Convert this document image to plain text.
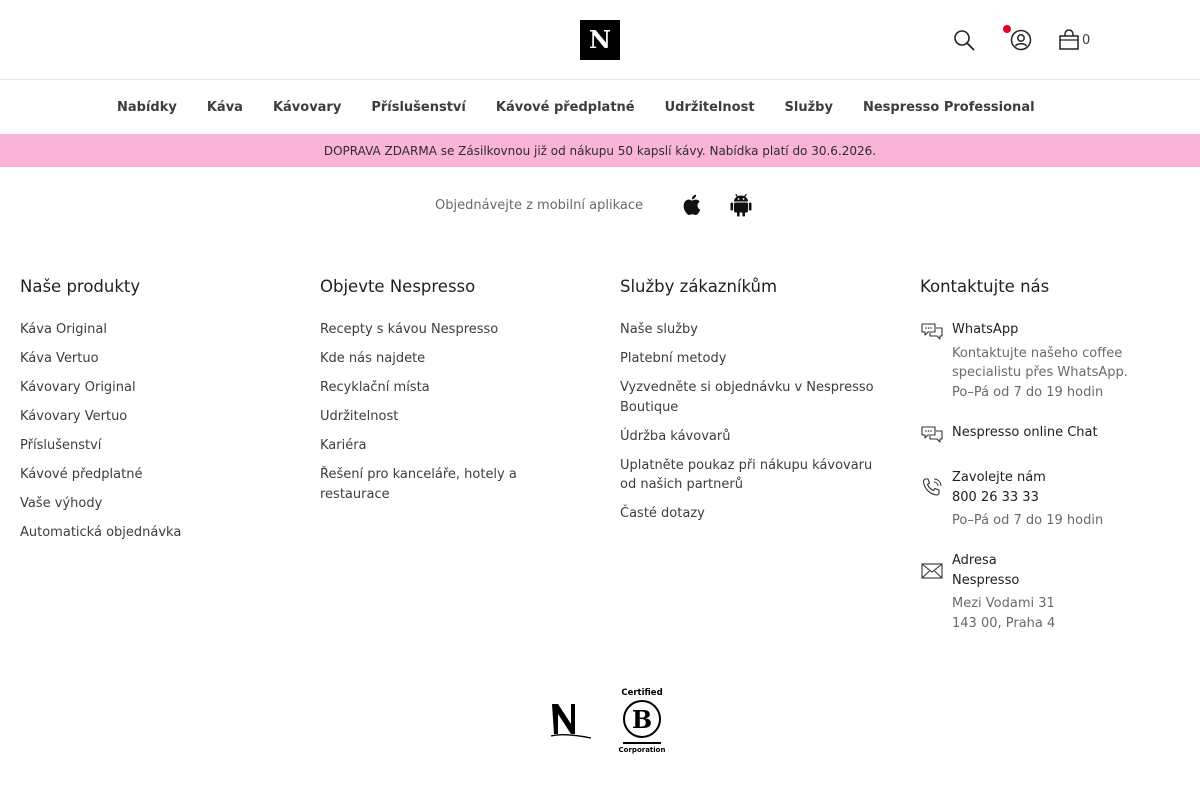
N	0
Nabídky Káva Kávovary Příslušenství Kávové předplatné Udržitelnost Služby Nespresso Professional
DOPRAVA ZDARMA se Zásilkovnou již od nákupu 50 kapslí kávy. Nabídka platí do 30.6.2026.
Objednávejte z mobilní aplikace
Naše produkty
Káva Original
Káva Vertuo
Kávovary Original
Kávovary Vertuo
Příslušenství
Kávové předplatné
Vaše výhody
Automatická objednávka
Objevte Nespresso
Recepty s kávou Nespresso
Kde nás najdete
Recyklační místa
Udržitelnost
Kariéra
Řešení pro kanceláře, hotely a restaurace
Služby zákazníkům
Naše služby
Platební metody
Vyzvedněte si objednávku v Nespresso Boutique
Údržba kávovarů
Uplatněte poukaz při nákupu kávovaru od našich partnerů
Časté dotazy
Kontaktujte nás
WhatsApp
Kontaktujte našeho coffee specialistu přes WhatsApp.
Po–Pá od 7 do 19 hodin
Nespresso online Chat
Zavolejte nám
800 26 33 33
Po–Pá od 7 do 19 hodin
Adresa
Nespresso
Mezi Vodami 31
143 00, Praha 4
N
Certified
B
Corporation
